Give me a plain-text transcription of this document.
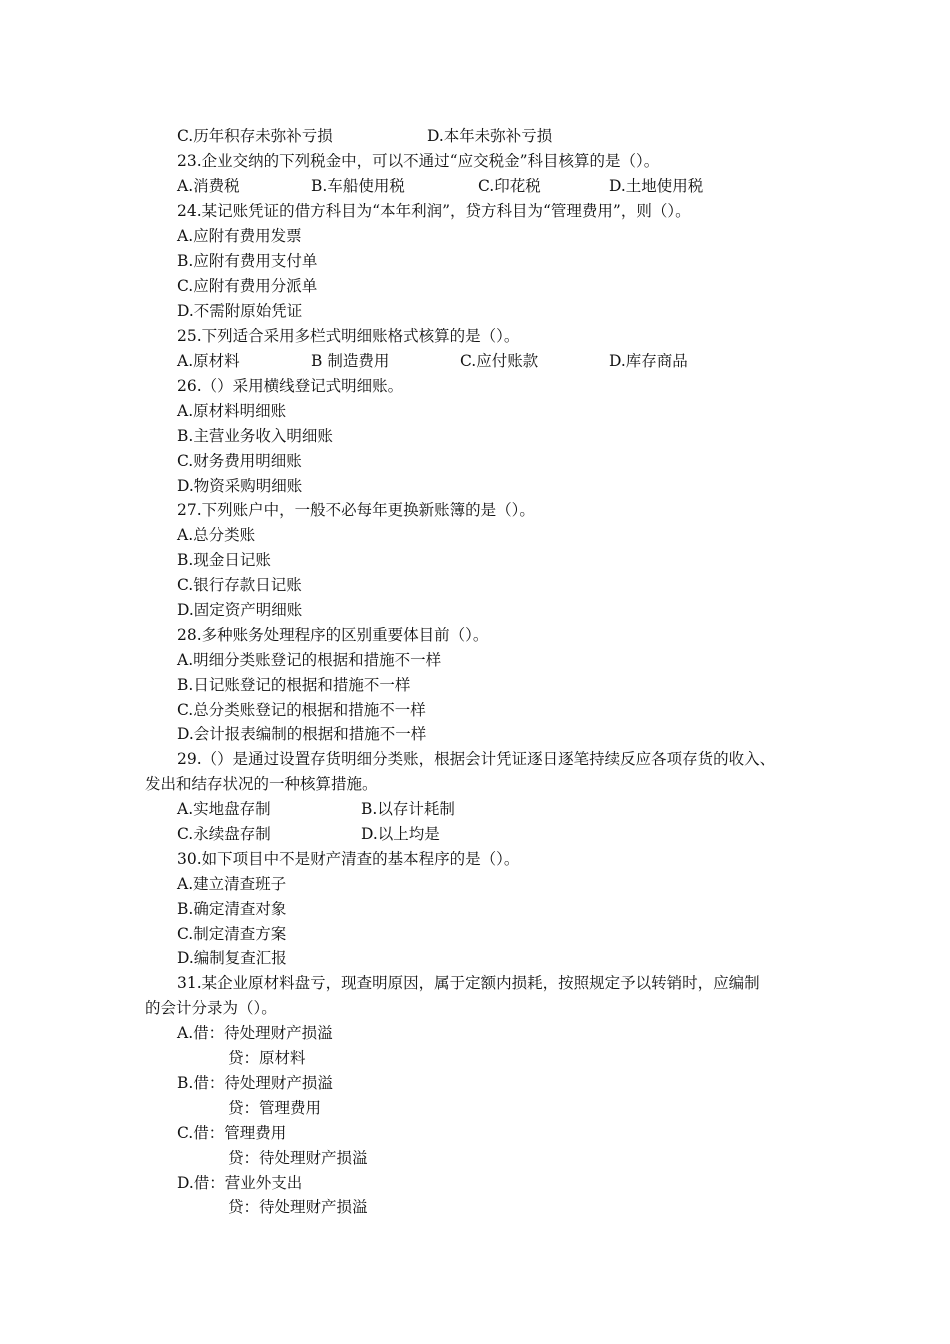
C.历年积存未弥补亏损	D.本年未弥补亏损
23.企业交纳的下列税金中，可以不通过“应交税金”科目核算的是（）。
A.消费税	B.车船使用税	C.印花税	D.土地使用税
24.某记账凭证的借方科目为“本年利润”，贷方科目为“管理费用”，则（）。
A.应附有费用发票
B.应附有费用支付单
C.应附有费用分派单
D.不需附原始凭证
25.下列适合采用多栏式明细账格式核算的是（）。
A.原材料	B 制造费用	C.应付账款	D.库存商品
26.（）采用横线登记式明细账。
A.原材料明细账
B.主营业务收入明细账
C.财务费用明细账
D.物资采购明细账
27.下列账户中，一般不必每年更换新账簿的是（）。
A.总分类账
B.现金日记账
C.银行存款日记账
D.固定资产明细账
28.多种账务处理程序的区别重要体目前（）。
A.明细分类账登记的根据和措施不一样
B.日记账登记的根据和措施不一样
C.总分类账登记的根据和措施不一样
D.会计报表编制的根据和措施不一样
29.（）是通过设置存货明细分类账，根据会计凭证逐日逐笔持续反应各项存货的收入、
发出和结存状况的一种核算措施。
A.实地盘存制	B.以存计耗制
C.永续盘存制	D.以上均是
30.如下项目中不是财产清查的基本程序的是（）。
A.建立清查班子
B.确定清查对象
C.制定清查方案
D.编制复查汇报
31.某企业原材料盘亏，现查明原因，属于定额内损耗，按照规定予以转销时，应编制
的会计分录为（）。
A.借：待处理财产损溢
贷：原材料
B.借：待处理财产损溢
贷：管理费用
C.借：管理费用
贷：待处理财产损溢
D.借：营业外支出
贷：待处理财产损溢
